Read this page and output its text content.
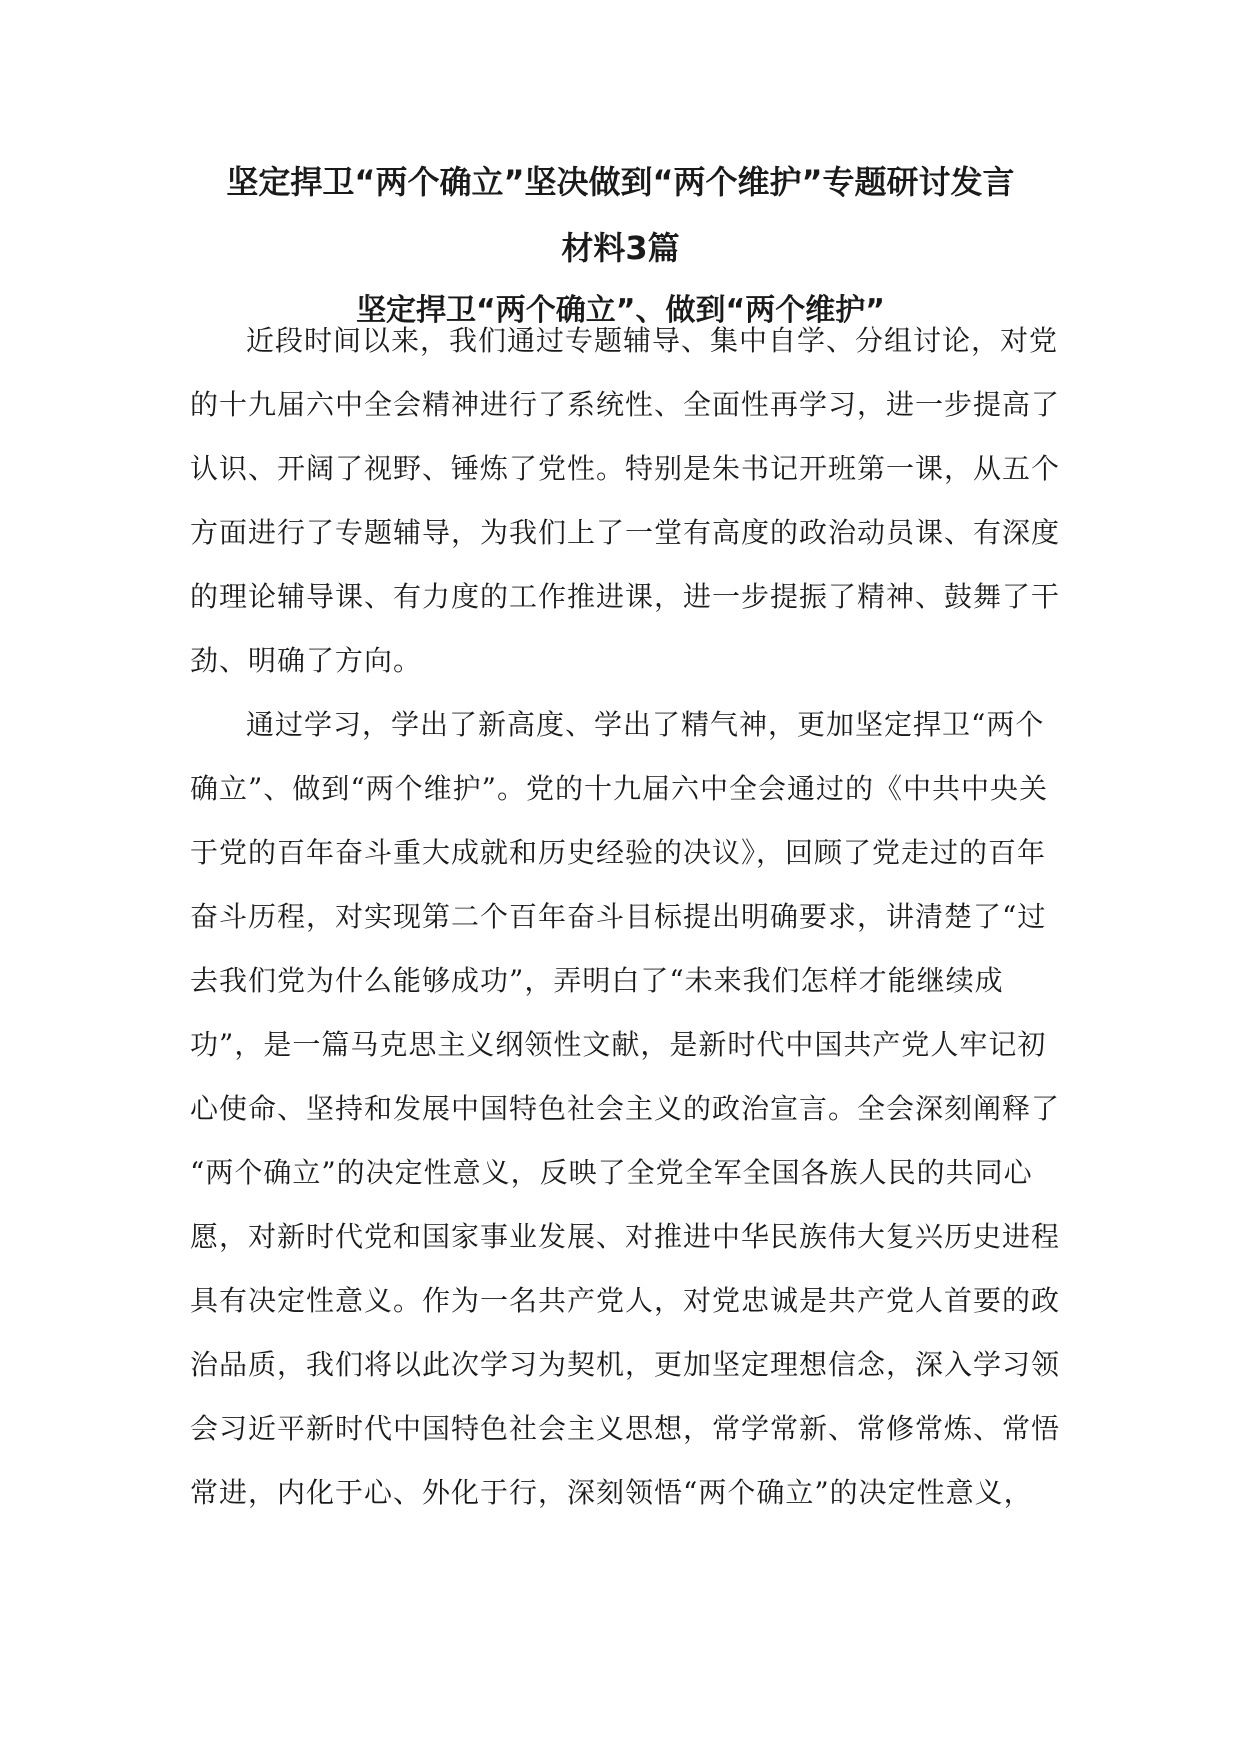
坚定捍卫“两个确立”坚决做到“两个维护”专题研讨发言
材料3篇
坚定捍卫“两个确立”、做到“两个维护”
近段时间以来，我们通过专题辅导、集中自学、分组讨论，对党
的十九届六中全会精神进行了系统性、全面性再学习，进一步提高了
认识、开阔了视野、锤炼了党性。特别是朱书记开班第一课，从五个
方面进行了专题辅导，为我们上了一堂有高度的政治动员课、有深度
的理论辅导课、有力度的工作推进课，进一步提振了精神、鼓舞了干
劲、明确了方向。
通过学习，学出了新高度、学出了精气神，更加坚定捍卫“两个
确立”、做到“两个维护”。党的十九届六中全会通过的《中共中央关
于党的百年奋斗重大成就和历史经验的决议》，回顾了党走过的百年
奋斗历程，对实现第二个百年奋斗目标提出明确要求，讲清楚了“过
去我们党为什么能够成功”，弄明白了“未来我们怎样才能继续成
功”，是一篇马克思主义纲领性文献，是新时代中国共产党人牢记初
心使命、坚持和发展中国特色社会主义的政治宣言。全会深刻阐释了
“两个确立”的决定性意义，反映了全党全军全国各族人民的共同心
愿，对新时代党和国家事业发展、对推进中华民族伟大复兴历史进程
具有决定性意义。作为一名共产党人，对党忠诚是共产党人首要的政
治品质，我们将以此次学习为契机，更加坚定理想信念，深入学习领
会习近平新时代中国特色社会主义思想，常学常新、常修常炼、常悟
常进，内化于心、外化于行，深刻领悟“两个确立”的决定性意义，
